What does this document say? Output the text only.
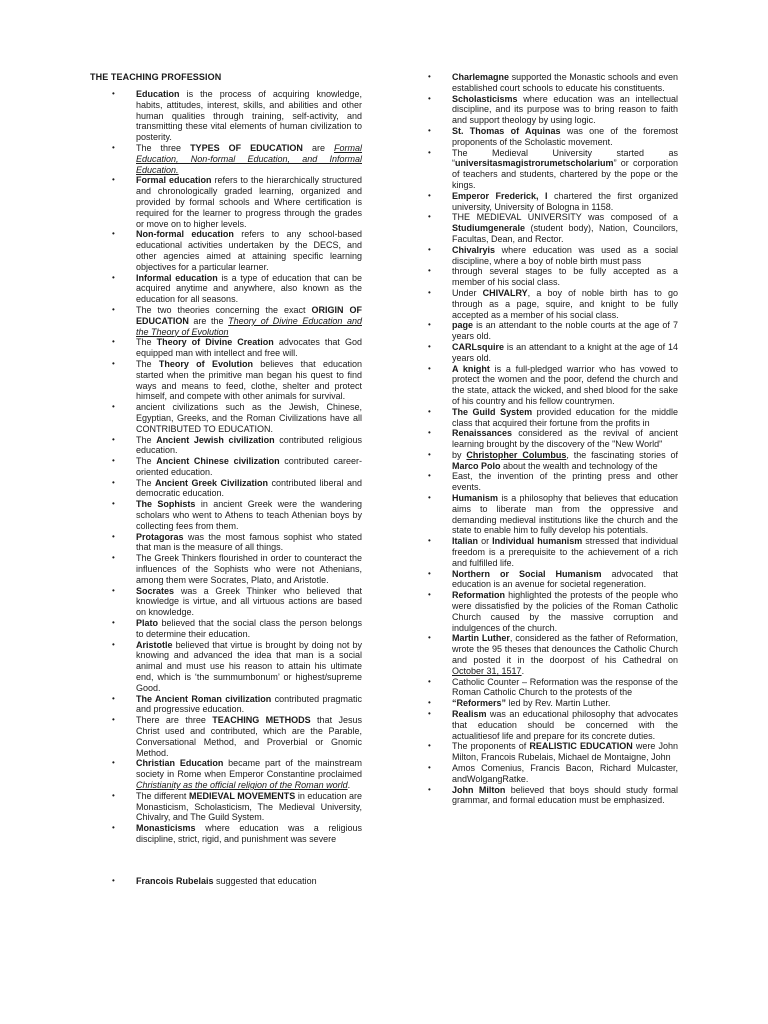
THE TEACHING PROFESSION
• Education is the process of acquiring knowledge, habits, attitudes, interest, skills, and abilities and other human qualities through training, self-activity, and transmitting these vital elements of human civilization to posterity.
• The three TYPES OF EDUCATION are Formal Education, Non-formal Education, and Informal Education.
• Formal education refers to the hierarchically structured and chronologically graded learning, organized and provided by formal schools and Where certification is required for the learner to progress through the grades or move on to higher levels.
• Non-formal education refers to any school-based educational activities undertaken by the DECS, and other agencies aimed at attaining specific learning objectives for a particular learner.
• Informal education is a type of education that can be acquired anytime and anywhere, also known as the education for all seasons.
• The two theories concerning the exact ORIGIN OF EDUCATION are the Theory of Divine Education and the Theory of Evolution
• The Theory of Divine Creation advocates that God equipped man with intellect and free will.
• The Theory of Evolution believes that education started when the primitive man began his quest to find ways and means to feed, clothe, shelter and protect himself, and compete with other animals for survival.
• ancient civilizations such as the Jewish, Chinese, Egyptian, Greeks, and the Roman Civilizations have all CONTRIBUTED TO EDUCATION.
• The Ancient Jewish civilization contributed religious education.
• The Ancient Chinese civilization contributed career-oriented education.
• The Ancient Greek Civilization contributed liberal and democratic education.
• The Sophists in ancient Greek were the wandering scholars who went to Athens to teach Athenian boys by collecting fees from them.
• Protagoras was the most famous sophist who stated that man is the measure of all things.
• The Greek Thinkers flourished in order to counteract the influences of the Sophists who were not Athenians, among them were Socrates, Plato, and Aristotle.
• Socrates was a Greek Thinker who believed that knowledge is virtue, and all virtuous actions are based on knowledge.
• Plato believed that the social class the person belongs to determine their education.
• Aristotle believed that virtue is brought by doing not by knowing and advanced the idea that man is a social animal and must use his reason to attain his ultimate end, which is ‘the summumbonum’ or highest/supreme Good.
• The Ancient Roman civilization contributed pragmatic and progressive education.
• There are three TEACHING METHODS that Jesus Christ used and contributed, which are the Parable, Conversational Method, and Proverbial or Gnomic Method.
• Christian Education became part of the mainstream society in Rome when Emperor Constantine proclaimed Christianity as the official religion of the Roman world.
• The different MEDIEVAL MOVEMENTS in education are Monasticism, Scholasticism, The Medieval University, Chivalry, and The Guild System.
• Monasticisms where education was a religious discipline, strict, rigid, and punishment was severe
• Francois Rubelais suggested that education
• Charlemagne supported the Monastic schools and even established court schools to educate his constituents.
• Scholasticisms where education was an intellectual discipline, and its purpose was to bring reason to faith and support theology by using logic.
• St. Thomas of Aquinas was one of the foremost proponents of the Scholastic movement.
• The Medieval University started as “universitasmagistrorumetscholarium” or corporation of teachers and students, chartered by the pope or the kings.
• Emperor Frederick, I chartered the first organized university, University of Bologna in 1158.
• THE MEDIEVAL UNIVERSITY was composed of a Studiumgenerale (student body), Nation, Councilors, Facultas, Dean, and Rector.
• Chivalryis where education was used as a social discipline, where a boy of noble birth must pass
• through several stages to be fully accepted as a member of his social class.
• Under CHIVALRY, a boy of noble birth has to go through as a page, squire, and knight to be fully accepted as a member of his social class.
• page is an attendant to the noble courts at the age of 7 years old.
• CARLsquire is an attendant to a knight at the age of 14 years old.
• A knight is a full-pledged warrior who has vowed to protect the women and the poor, defend the church and the state, attack the wicked, and shed blood for the sake of his country and his fellow countrymen.
• The Guild System provided education for the middle class that acquired their fortune from the profits in
• Renaissances considered as the revival of ancient learning brought by the discovery of the "New World"
• by Christopher Columbus, the fascinating stories of Marco Polo about the wealth and technology of the
• East, the invention of the printing press and other events.
• Humanism is a philosophy that believes that education aims to liberate man from the oppressive and demanding medieval institutions like the church and the state to enable him to fully develop his potentials.
• Italian or Individual humanism stressed that individual freedom is a prerequisite to the achievement of a rich and fulfilled life.
• Northern or Social Humanism advocated that education is an avenue for societal regeneration.
• Reformation highlighted the protests of the people who were dissatisfied by the policies of the Roman Catholic Church caused by the massive corruption and indulgences of the church.
• Martin Luther, considered as the father of Reformation, wrote the 95 theses that denounces the Catholic Church and posted it in the doorpost of his Cathedral on October 31, 1517.
• Catholic Counter – Reformation was the response of the Roman Catholic Church to the protests of the
• “Reformers” led by Rev. Martin Luther.
• Realism was an educational philosophy that advocates that education should be concerned with the actualitiesof life and prepare for its concrete duties.
• The proponents of REALISTIC EDUCATION were John Milton, Francois Rubelais, Michael de Montaigne, John
• Amos Comenius, Francis Bacon, Richard Mulcaster, andWolgangRatke.
• John Milton believed that boys should study formal grammar, and formal education must be emphasized.
